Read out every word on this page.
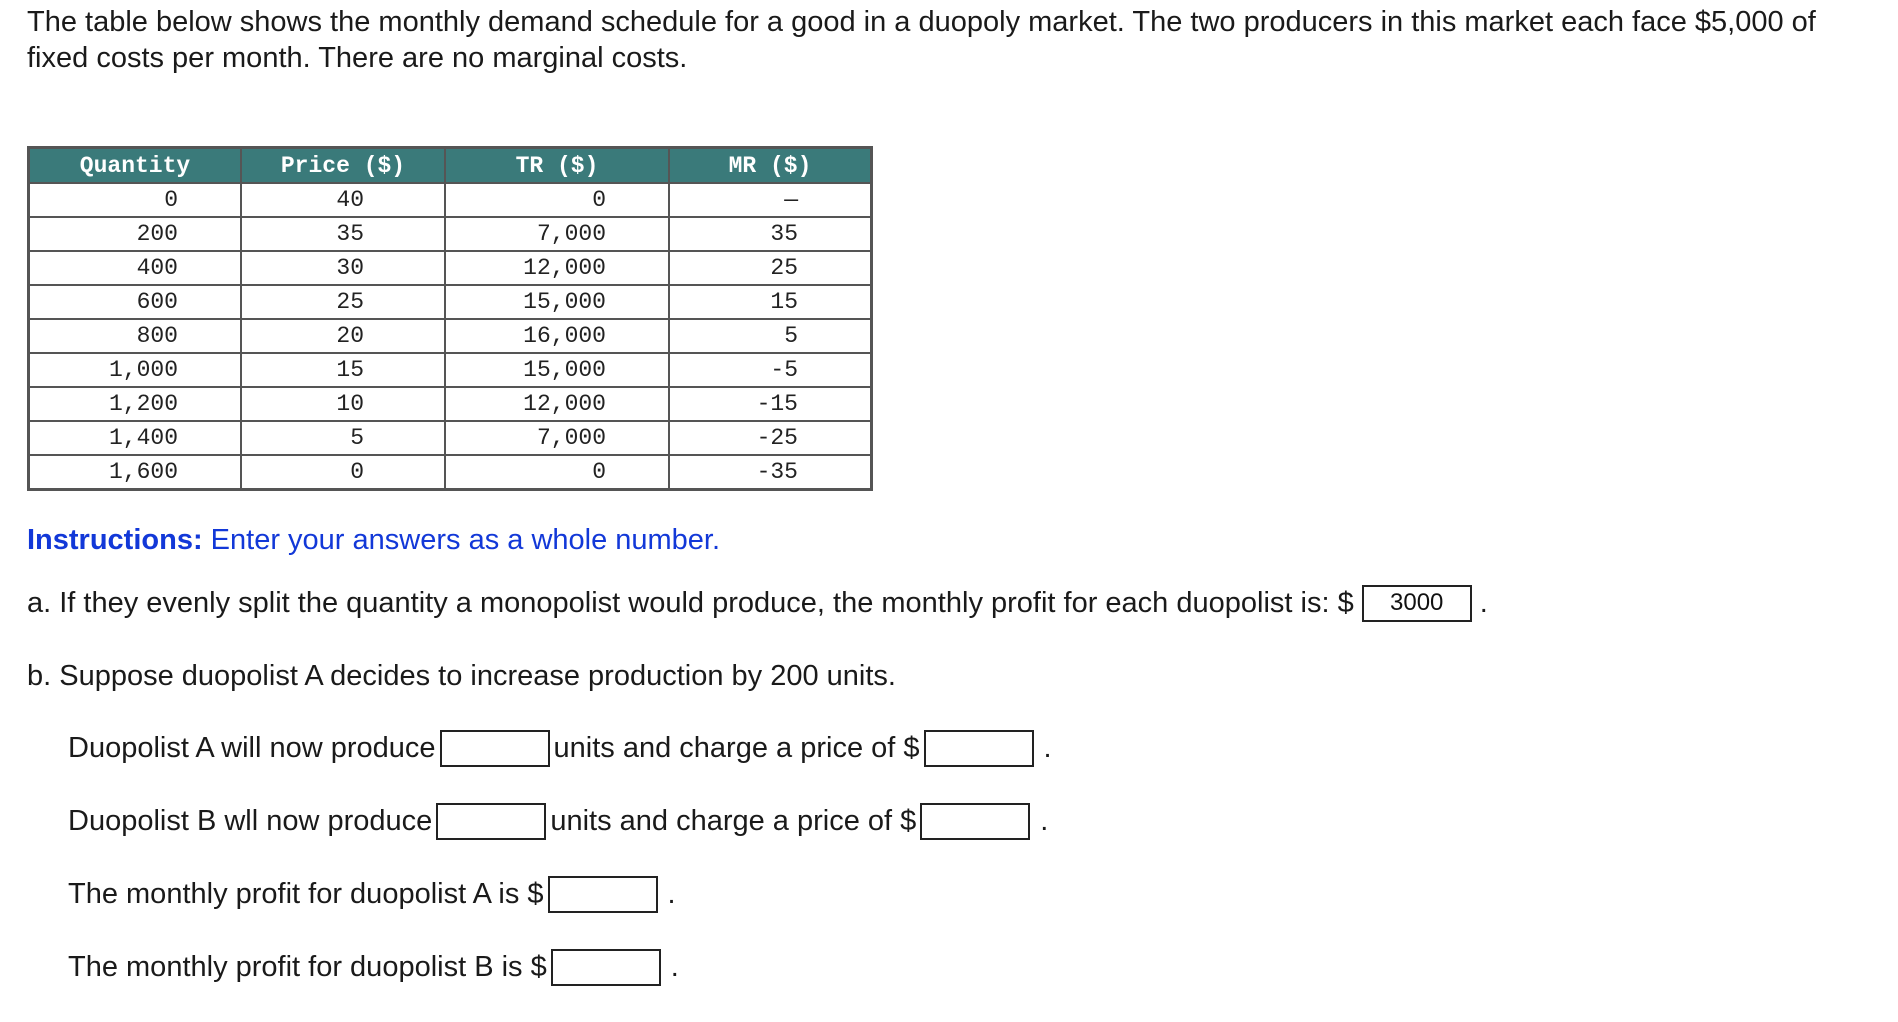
The table below shows the monthly demand schedule for a good in a duopoly market. The two producers in this market each face $5,000 of fixed costs per month. There are no marginal costs.

Quantity	Price ($)	TR ($)	MR ($)
0	40	0	—
200	35	7,000	35
400	30	12,000	25
600	25	15,000	15
800	20	16,000	5
1,000	15	15,000	-5
1,200	10	12,000	-15
1,400	5	7,000	-25
1,600	0	0	-35

Instructions: Enter your answers as a whole number.

a. If they evenly split the quantity a monopolist would produce, the monthly profit for each duopolist is: $
3000	.
b. Suppose duopolist A decides to increase production by 200 units.
Duopolist A will now produce	units and charge a price of $	.
Duopolist B wll now produce	units and charge a price of $	.
The monthly profit for duopolist A is $	.
The monthly profit for duopolist B is $	.
